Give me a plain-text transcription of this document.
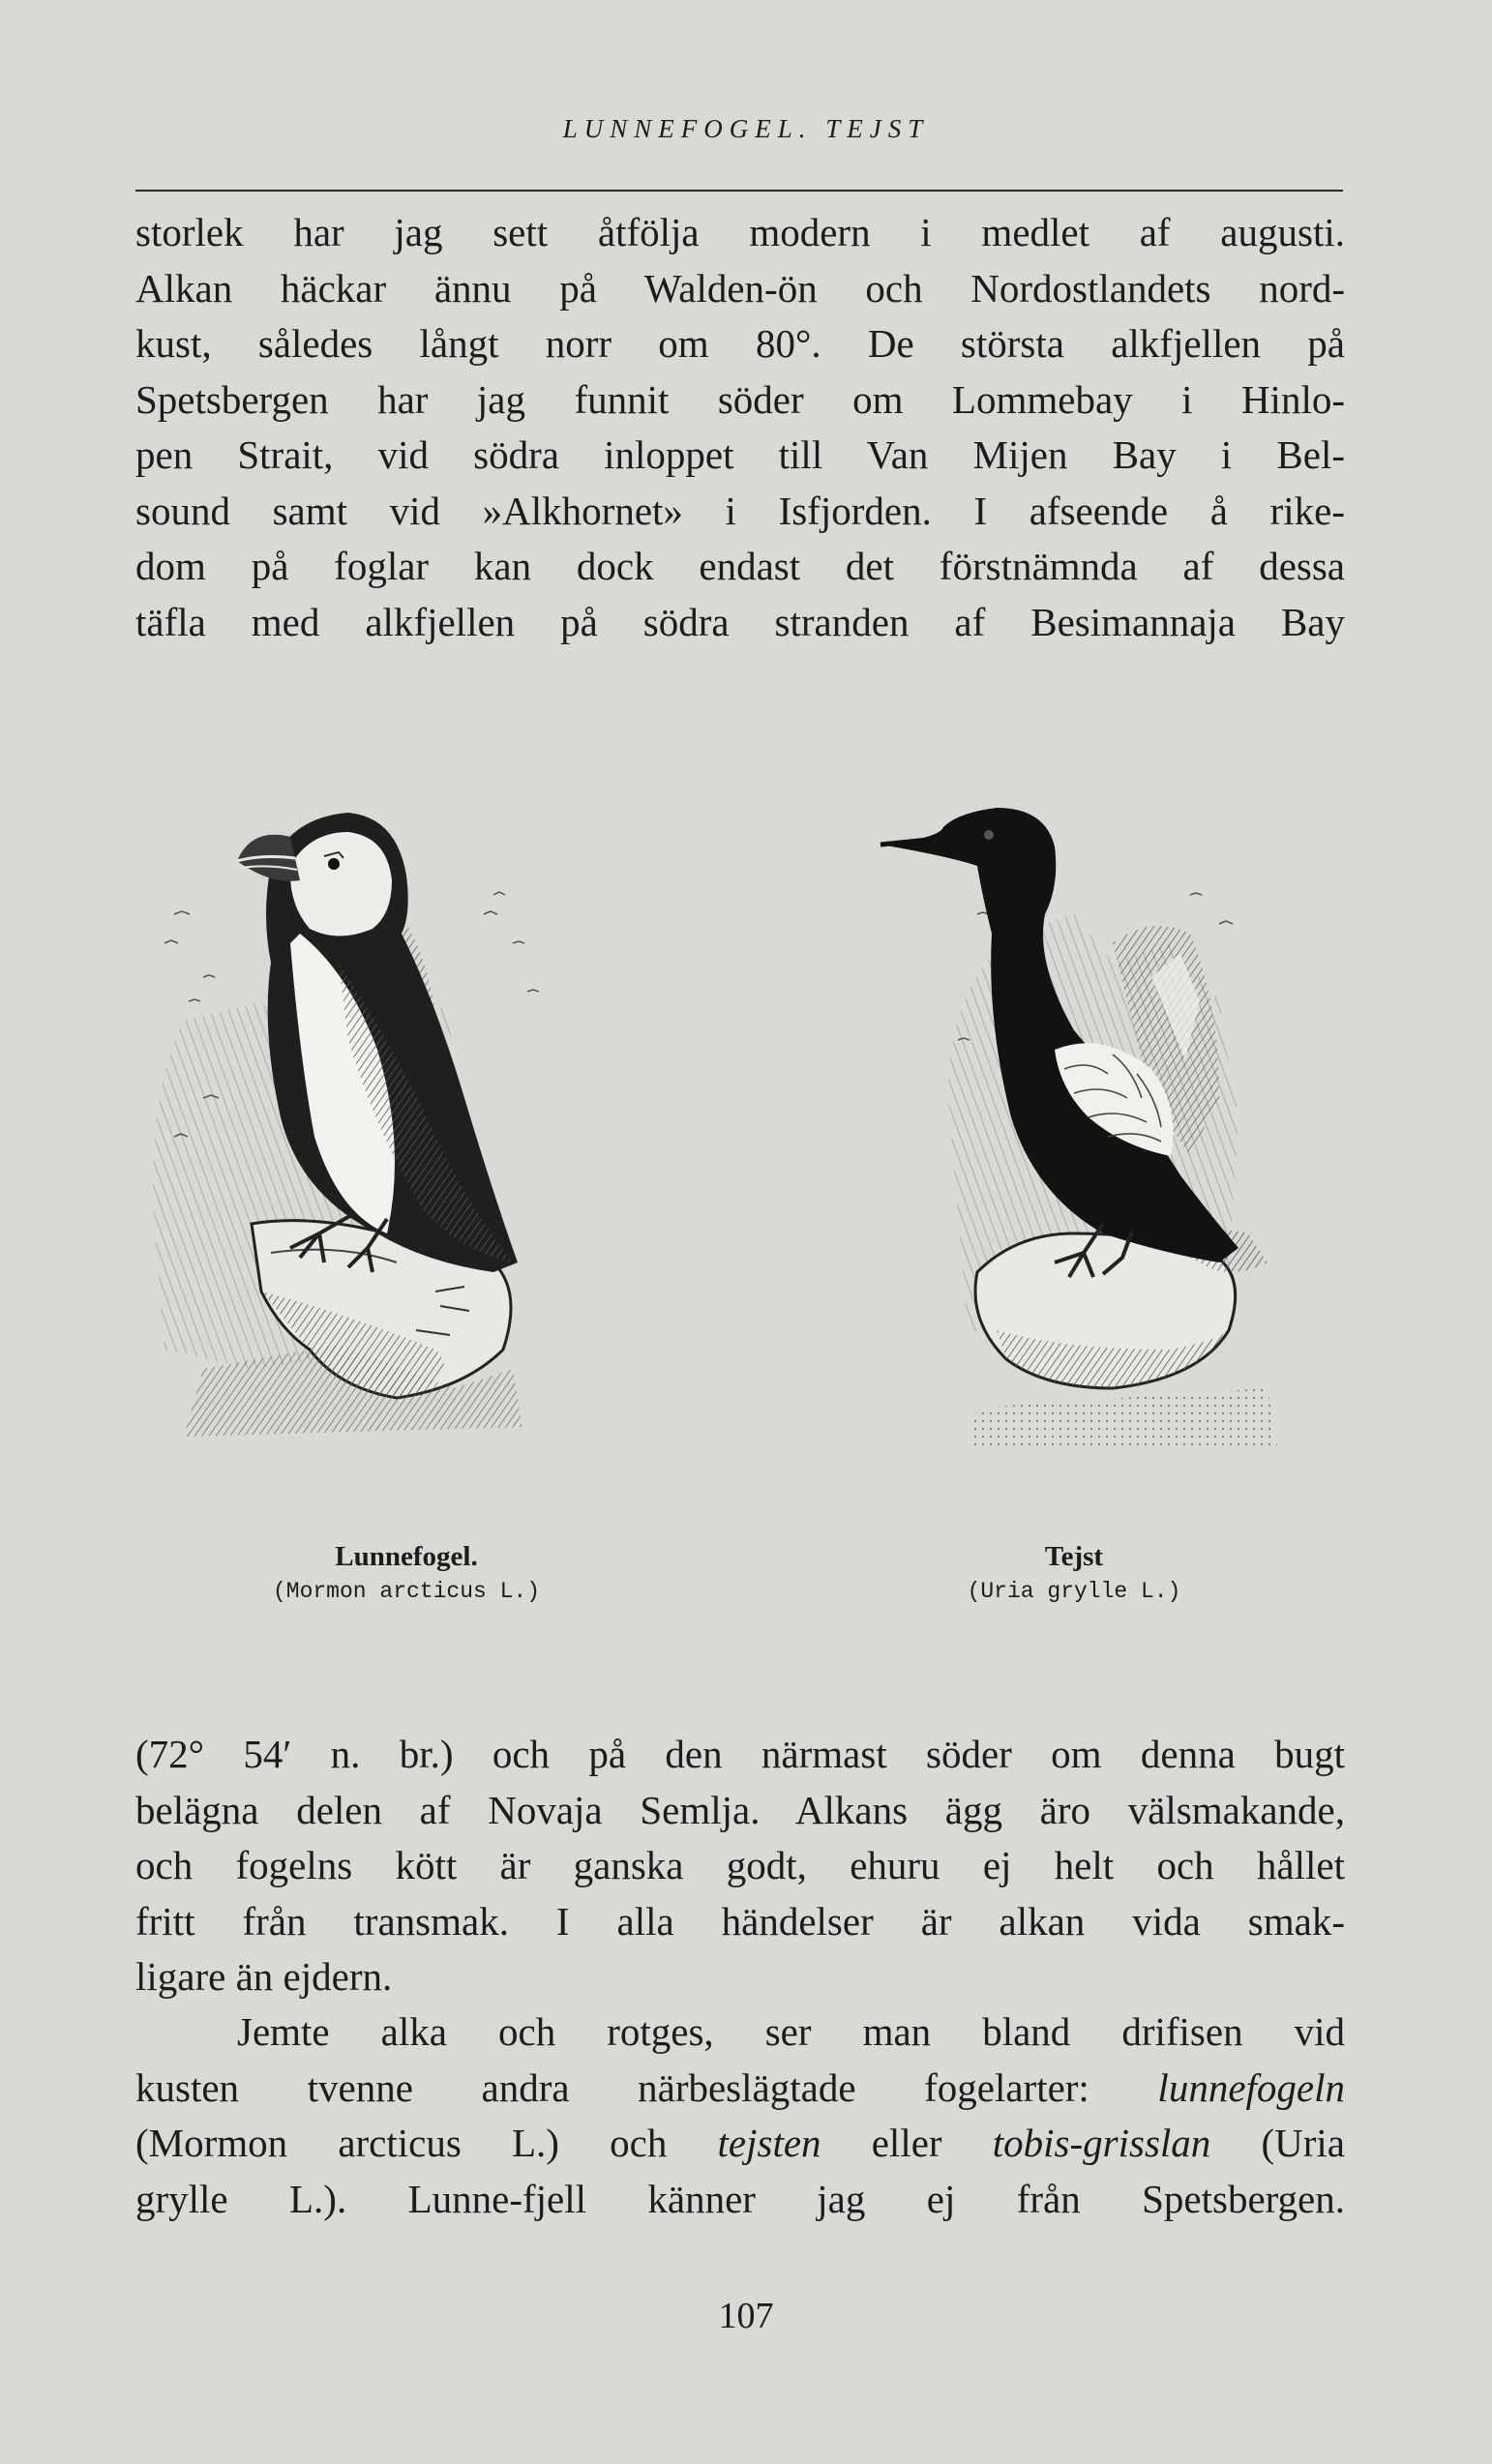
LUNNEFOGEL. TEJST
storlek har jag sett åtfölja modern i medlet af augusti.
Alkan häckar ännu på Walden-ön och Nordostlandets nord-
kust, således långt norr om 80°. De största alkfjellen på
Spetsbergen har jag funnit söder om Lommebay i Hinlo-
pen Strait, vid södra inloppet till Van Mijen Bay i Bel-
sound samt vid »Alkhornet» i Isfjorden. I afseende å rike-
dom på foglar kan dock endast det förstnämnda af dessa
täfla med alkfjellen på södra stranden af Besimannaja Bay
Lunnefogel.
(Mormon arcticus L.)
Tejst
(Uria grylle L.)
(72° 54′ n. br.) och på den närmast söder om denna bugt
belägna delen af Novaja Semlja. Alkans ägg äro välsmakande,
och fogelns kött är ganska godt, ehuru ej helt och hållet
fritt från transmak. I alla händelser är alkan vida smak-
ligare än ejdern.
Jemte alka och rotges, ser man bland drifisen vid
kusten tvenne andra närbeslägtade fogelarter: lunnefogeln
(Mormon arcticus L.) och tejsten eller tobis-grisslan (Uria
grylle L.). Lunne-fjell känner jag ej från Spetsbergen.
107
